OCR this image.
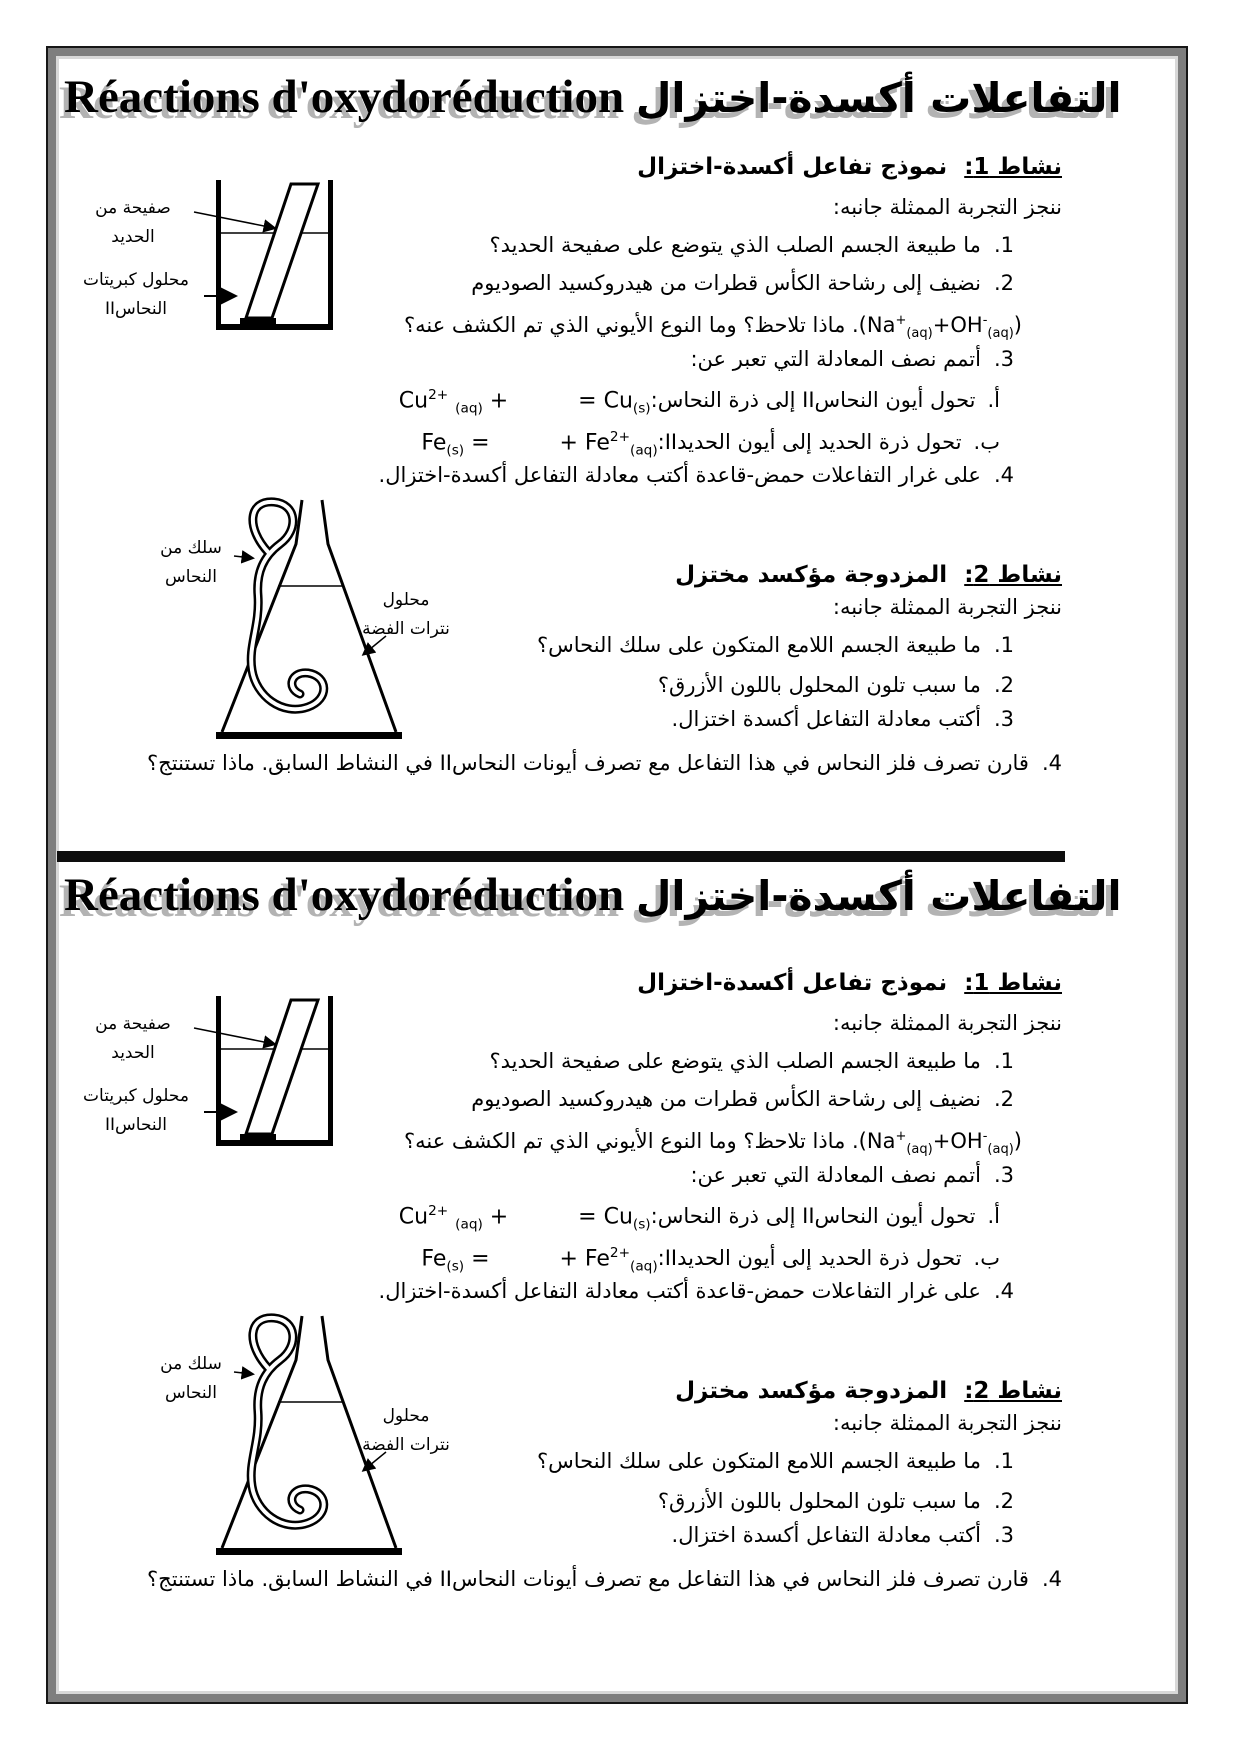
Réactions d'oxydoréduction التفاعلات أكسدة-اختزال
نشاط 1: نموذج تفاعل أكسدة-اختزال
ننجز التجربة الممثلة جانبه:
1.
ما طبيعة الجسم الصلب الذي يتوضع على صفيحة الحديد؟
2.
نضيف إلى رشاحة الكأس قطرات من هيدروكسيد الصوديوم
$(Na^+_{(aq)}+OH^-_{(aq)})$. ماذا تلاحظ؟ وما النوع الأيوني الذي تم الكشف عنه؟
3.
أتمم نصف المعادلة التي تعبر عن:
أ.
تحول أيون النحاسII إلى ذرة النحاس:
$Cu^{2+}$ $_{(aq)}$ +          = $Cu_{(s)}$
ب.
تحول ذرة الحديد إلى أيون الحديدII:
$Fe_{(s)}$ =          + $Fe^{2+}_{(aq)}$
4.
على غرار التفاعلات حمض-قاعدة أكتب معادلة التفاعل أكسدة-اختزال.
نشاط 2: المزدوجة مؤكسد مختزل
ننجز التجربة الممثلة جانبه:
1.
ما طبيعة الجسم اللامع المتكون على سلك النحاس؟
2.
ما سبب تلون المحلول باللون الأزرق؟
3.
أكتب معادلة التفاعل أكسدة اختزال.
4.
قارن تصرف فلز النحاس في هذا التفاعل مع تصرف أيونات النحاسII في النشاط السابق. ماذا تستنتج؟
صفيحة من
الحديد
محلول كبريتات
النحاسII
سلك من
النحاس
محلول
نترات الفضة
Réactions d'oxydoréduction التفاعلات أكسدة-اختزال
نشاط 1: نموذج تفاعل أكسدة-اختزال
ننجز التجربة الممثلة جانبه:
1.
ما طبيعة الجسم الصلب الذي يتوضع على صفيحة الحديد؟
2.
نضيف إلى رشاحة الكأس قطرات من هيدروكسيد الصوديوم
$(Na^+_{(aq)}+OH^-_{(aq)})$. ماذا تلاحظ؟ وما النوع الأيوني الذي تم الكشف عنه؟
3.
أتمم نصف المعادلة التي تعبر عن:
أ.
تحول أيون النحاسII إلى ذرة النحاس:
$Cu^{2+}$ $_{(aq)}$ +          = $Cu_{(s)}$
ب.
تحول ذرة الحديد إلى أيون الحديدII:
$Fe_{(s)}$ =          + $Fe^{2+}_{(aq)}$
4.
على غرار التفاعلات حمض-قاعدة أكتب معادلة التفاعل أكسدة-اختزال.
نشاط 2: المزدوجة مؤكسد مختزل
ننجز التجربة الممثلة جانبه:
1.
ما طبيعة الجسم اللامع المتكون على سلك النحاس؟
2.
ما سبب تلون المحلول باللون الأزرق؟
3.
أكتب معادلة التفاعل أكسدة اختزال.
4.
قارن تصرف فلز النحاس في هذا التفاعل مع تصرف أيونات النحاسII في النشاط السابق. ماذا تستنتج؟
صفيحة من
الحديد
محلول كبريتات
النحاسII
سلك من
النحاس
محلول
نترات الفضة
